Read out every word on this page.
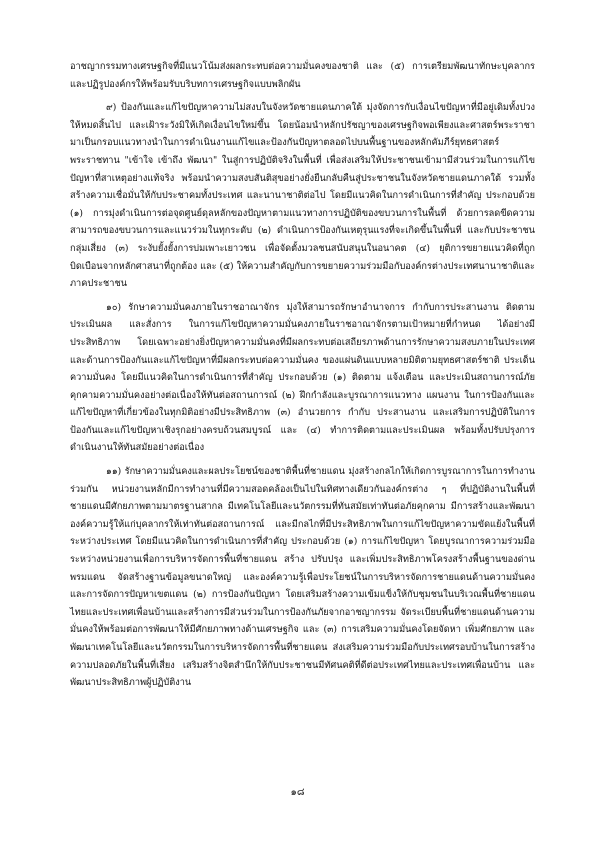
อาชญากรรมทางเศรษฐกิจที่มีแนวโน้มส่งผลกระทบต่อความมั่นคงของชาติ และ (๕) การเตรียมพัฒนาทักษะบุคลากรและปฏิรูปองค์กรให้พร้อมรับบริบทการเศรษฐกิจแบบพลิกผัน

๙) ป้องกันและแก้ไขปัญหาความไม่สงบในจังหวัดชายแดนภาคใต้ มุ่งจัดการกับเงื่อนไขปัญหาที่มีอยู่เดิมทั้งปวงให้หมดสิ้นไป และเฝ้าระวังมิให้เกิดเงื่อนไขใหม่ขึ้น โดยน้อมนำหลักปรัชญาของเศรษฐกิจพอเพียงและศาสตร์พระราชา มาเป็นกรอบแนวทางนำในการดำเนินงานแก้ไขและป้องกันปัญหาตลอดไปบนพื้นฐานของหลักคัมภีร์ยุทธศาสตร์พระราชทาน "เข้าใจ เข้าถึง พัฒนา" ในสู่การปฏิบัติจริงในพื้นที่ เพื่อส่งเสริมให้ประชาชนเข้ามามีส่วนร่วมในการแก้ไขปัญหาที่สาเหตุอย่างแท้จริง พร้อมนำความสงบสันติสุขอย่างยั่งยืนกลับคืนสู่ประชาชนในจังหวัดชายแดนภาคใต้ รวมทั้งสร้างความเชื่อมั่นให้กับประชาคมทั้งประเทศ และนานาชาติต่อไป โดยมีแนวคิดในการดำเนินการที่สำคัญ ประกอบด้วย (๑) การมุ่งดำเนินการต่อจุดศูนย์ดุลหลักของปัญหาตามแนวทางการปฏิบัติของขบวนการในพื้นที่ ด้วยการลดขีดความสามารถของขบวนการและแนวร่วมในทุกระดับ (๒) ดำเนินการป้องกันเหตุรุนแรงที่จะเกิดขึ้นในพื้นที่ และกับประชาชนกลุ่มเสี่ยง (๓) ระงับยั้งยั้งการบ่มเพาะเยาวชน เพื่อจัดตั้งมวลชนสนับสนุนในอนาคต (๔) ยุติการขยายแนวคิดที่ถูกบิดเบือนจากหลักศาสนาที่ถูกต้อง และ (๕) ให้ความสำคัญกับการขยายความร่วมมือกับองค์กรต่างประเทศนานาชาติและภาคประชาชน

๑๐) รักษาความมั่นคงภายในราชอาณาจักร มุ่งให้สามารถรักษาอำนาจการ กำกับการประสานงาน ติดตาม ประเมินผล และสั่งการ ในการแก้ไขปัญหาความมั่นคงภายในราชอาณาจักรตามเป้าหมายที่กำหนด ได้อย่างมีประสิทธิภาพ โดยเฉพาะอย่างยิ่งปัญหาความมั่นคงที่มีผลกระทบต่อเสถียรภาพด้านการรักษาความสงบภายในประเทศ และด้านการป้องกันและแก้ไขปัญหาที่มีผลกระทบต่อความมั่นคง ของแผ่นดินแบบหลายมิติตามยุทธศาสตร์ชาติ ประเด็นความมั่นคง โดยมีแนวคิดในการดำเนินการที่สำคัญ ประกอบด้วย (๑) ติดตาม แจ้งเตือน และประเมินสถานการณ์ภัยคุกคามความมั่นคงอย่างต่อเนื่องให้ทันต่อสถานการณ์ (๒) ฝึกกำลังและบูรณาการแนวทาง แผนงาน ในการป้องกันและแก้ไขปัญหาที่เกี่ยวข้องในทุกมิติอย่างมีประสิทธิภาพ (๓) อำนวยการ กำกับ ประสานงาน และเสริมการปฏิบัติในการป้องกันและแก้ไขปัญหาเชิงรุกอย่างครบถ้วนสมบูรณ์ และ (๔) ทำการติดตามและประเมินผล พร้อมทั้งปรับปรุงการดำเนินงานให้ทันสมัยอย่างต่อเนื่อง

๑๑) รักษาความมั่นคงและผลประโยชน์ของชาติพื้นที่ชายแดน มุ่งสร้างกลไกให้เกิดการบูรณาการในการทำงานร่วมกัน หน่วยงานหลักมีการทำงานที่มีความสอดคล้องเป็นไปในทิศทางเดียวกันองค์กรต่าง ๆ ที่ปฏิบัติงานในพื้นที่ชายแดนมีศักยภาพตามมาตรฐานสากล มีเทคโนโลยีและนวัตกรรมที่ทันสมัยเท่าทันต่อภัยคุกคาม มีการสร้างและพัฒนาองค์ความรู้ให้แก่บุคลากรให้เท่าทันต่อสถานการณ์ และมีกลไกที่มีประสิทธิภาพในการแก้ไขปัญหาความขัดแย้งในพื้นที่ระหว่างประเทศ โดยมีแนวคิดในการดำเนินการที่สำคัญ ประกอบด้วย (๑) การแก้ไขปัญหา โดยบูรณาการความร่วมมือระหว่างหน่วยงานเพื่อการบริหารจัดการพื้นที่ชายแดน สร้าง ปรับปรุง และเพิ่มประสิทธิภาพโครงสร้างพื้นฐานของด่านพรมแดน จัดสร้างฐานข้อมูลขนาดใหญ่ และองค์ความรู้เพื่อประโยชน์ในการบริหารจัดการชายแดนด้านความมั่นคง และการจัดการปัญหาเขตแดน (๒) การป้องกันปัญหา โดยเสริมสร้างความเข้มแข็งให้กับชุมชนในบริเวณพื้นที่ชายแดนไทยและประเทศเพื่อนบ้านและสร้างการมีส่วนร่วมในการป้องกันภัยจากอาชญากรรม จัดระเบียบพื้นที่ชายแดนด้านความมั่นคงให้พร้อมต่อการพัฒนาให้มีศักยภาพทางด้านเศรษฐกิจ และ (๓) การเสริมความมั่นคงโดยจัดหา เพิ่มศักยภาพ และพัฒนาเทคโนโลยีและนวัตกรรมในการบริหารจัดการพื้นที่ชายแดน ส่งเสริมความร่วมมือกับประเทศรอบบ้านในการสร้างความปลอดภัยในพื้นที่เสี่ยง เสริมสร้างจิตสำนึกให้กับประชาชนมีทัศนคติที่ดีต่อประเทศไทยและประเทศเพื่อนบ้าน และพัฒนาประสิทธิภาพผู้ปฏิบัติงาน

๑๘
